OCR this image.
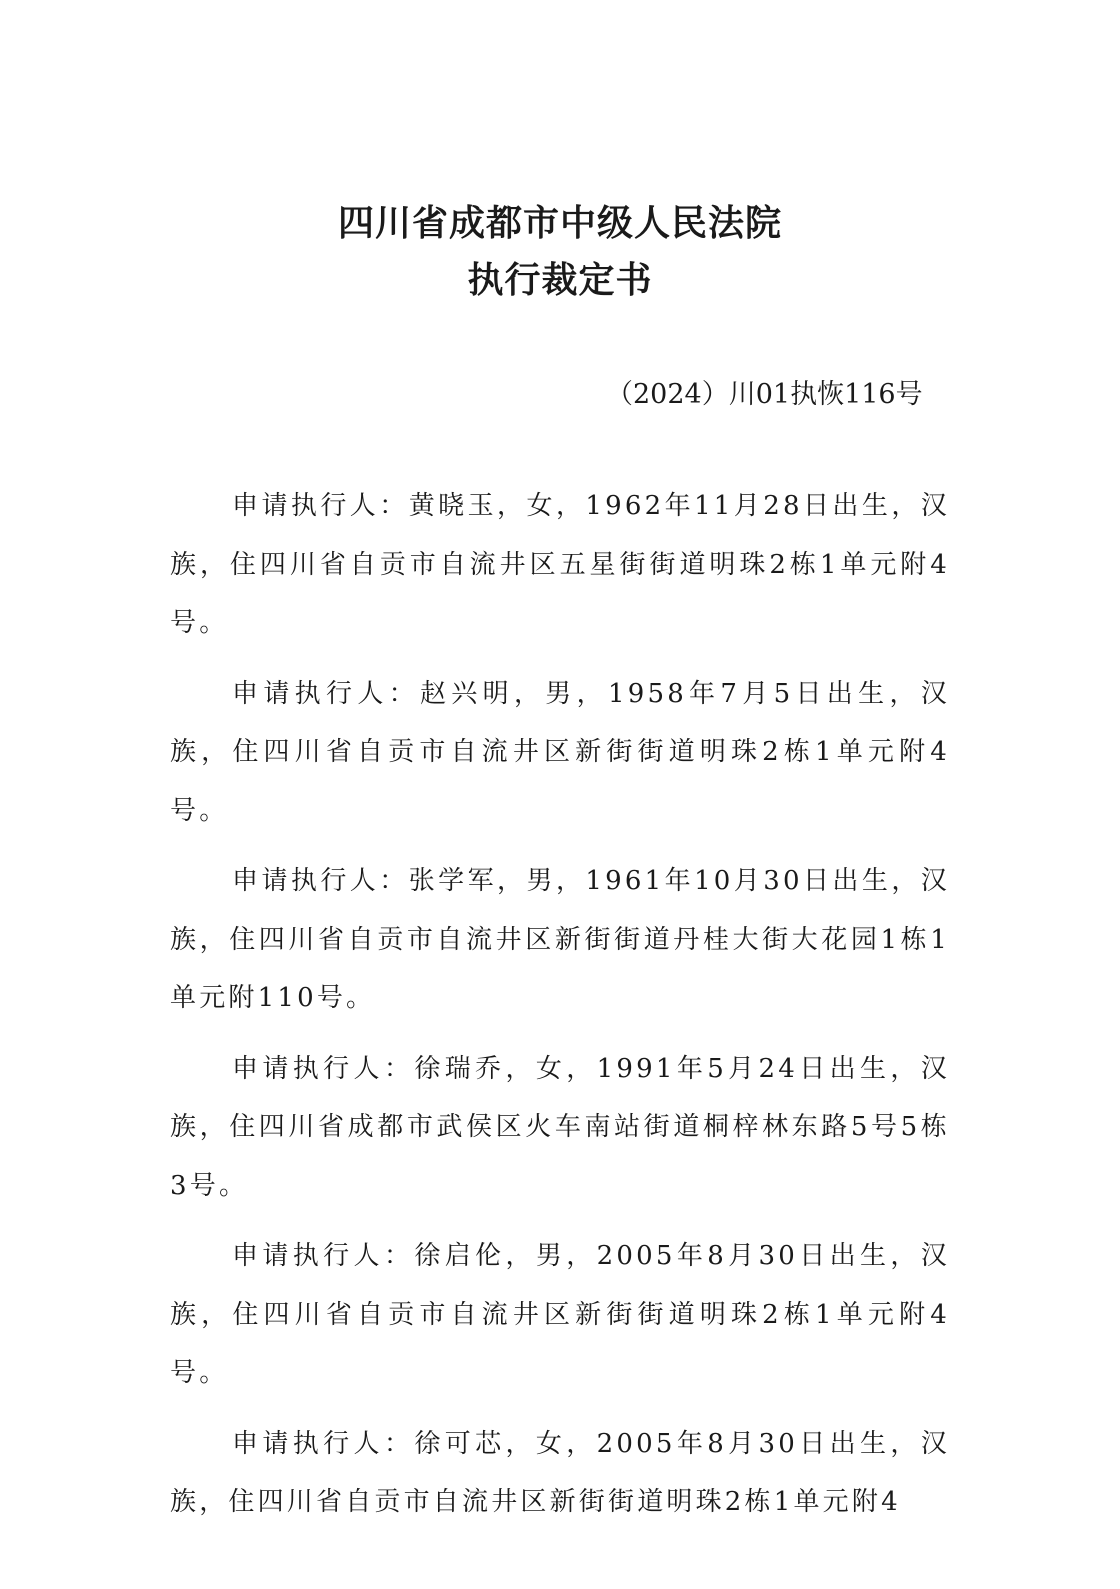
四川省成都市中级人民法院
执行裁定书
（2024）川01执恢116号

申请执行人：黄晓玉，女，1962年11月28日出生，汉族，住四川省自贡市自流井区五星街街道明珠2栋1单元附4号。

申请执行人：赵兴明，男，1958年7月5日出生，汉族，住四川省自贡市自流井区新街街道明珠2栋1单元附4号。

申请执行人：张学军，男，1961年10月30日出生，汉族，住四川省自贡市自流井区新街街道丹桂大街大花园1栋1单元附110号。

申请执行人：徐瑞乔，女，1991年5月24日出生，汉族，住四川省成都市武侯区火车南站街道桐梓林东路5号5栋3号。

申请执行人：徐启伦，男，2005年8月30日出生，汉族，住四川省自贡市自流井区新街街道明珠2栋1单元附4号。

申请执行人：徐可芯，女，2005年8月30日出生，汉族，住四川省自贡市自流井区新街街道明珠2栋1单元附4
